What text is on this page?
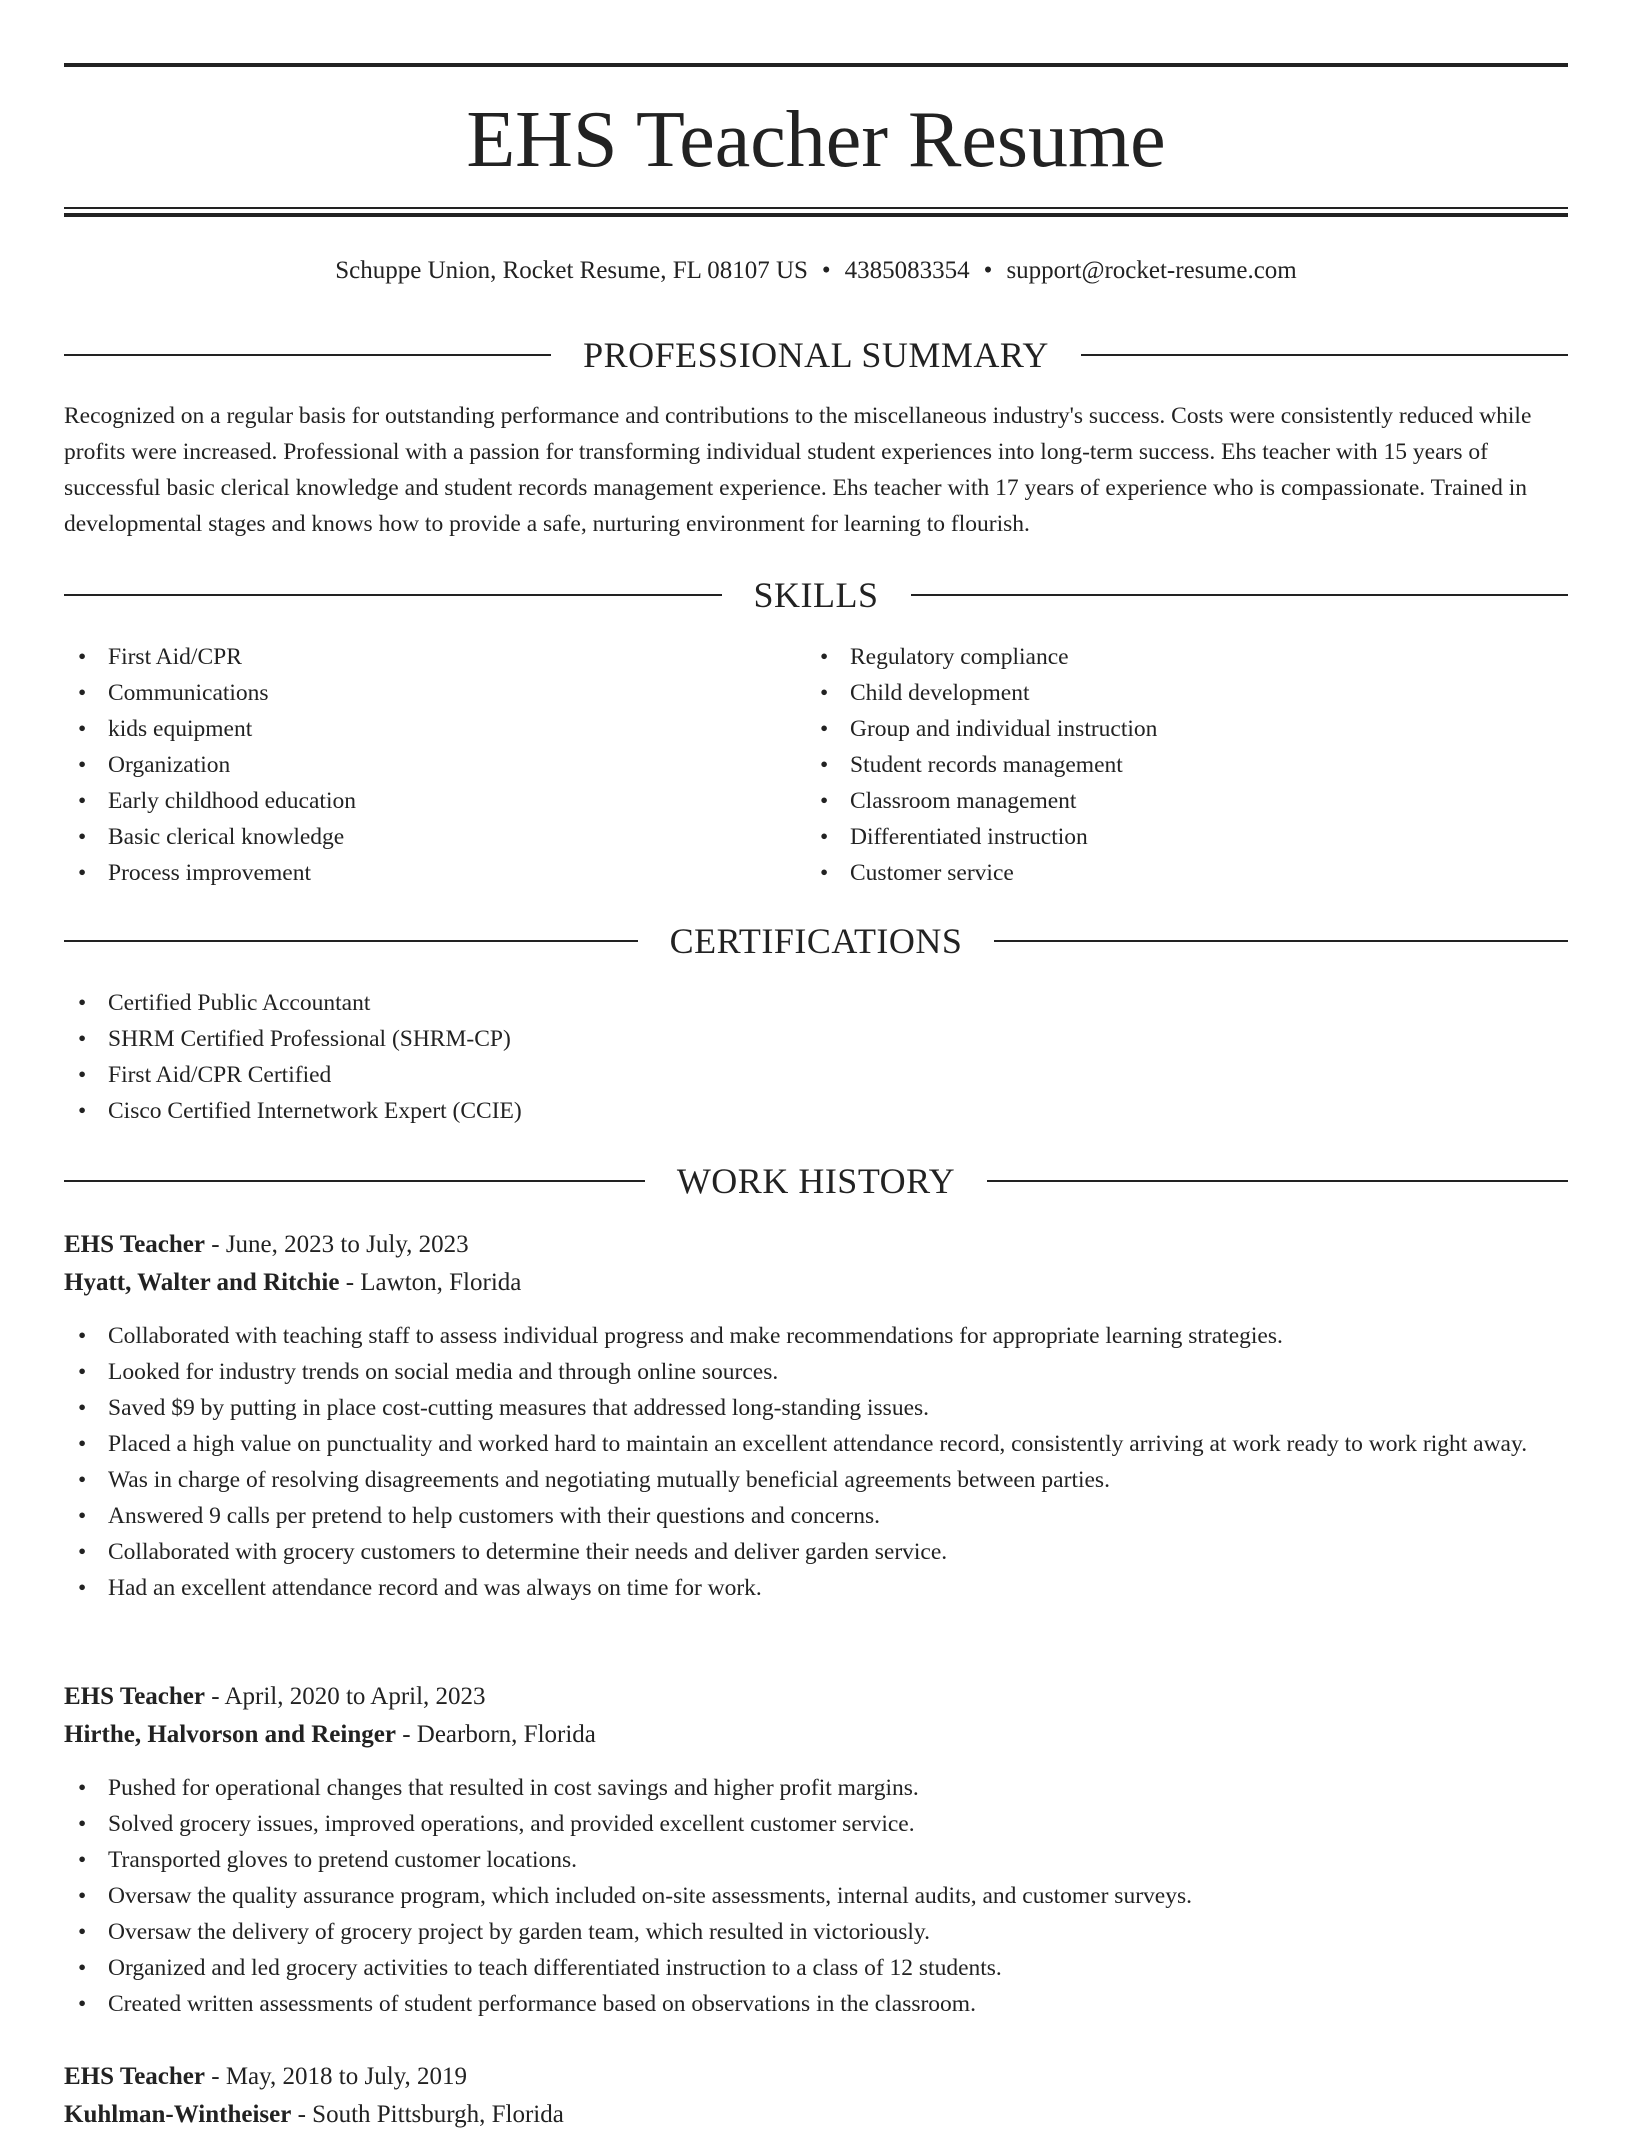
EHS Teacher Resume
Schuppe Union, Rocket Resume, FL 08107 US • 4385083354 • support@rocket-resume.com
PROFESSIONAL SUMMARY

Recognized on a regular basis for outstanding performance and contributions to the miscellaneous industry's success. Costs were consistently reduced while profits were increased. Professional with a passion for transforming individual student experiences into long-term success. Ehs teacher with 15 years of successful basic clerical knowledge and student records management experience. Ehs teacher with 17 years of experience who is compassionate. Trained in developmental stages and knows how to provide a safe, nurturing environment for learning to flourish.

SKILLS
• First Aid/CPR
• Communications
• kids equipment
• Organization
• Early childhood education
• Basic clerical knowledge
• Process improvement
• Regulatory compliance
• Child development
• Group and individual instruction
• Student records management
• Classroom management
• Differentiated instruction
• Customer service
CERTIFICATIONS
• Certified Public Accountant
• SHRM Certified Professional (SHRM-CP)
• First Aid/CPR Certified
• Cisco Certified Internetwork Expert (CCIE)
WORK HISTORY
EHS Teacher - June, 2023 to July, 2023
Hyatt, Walter and Ritchie - Lawton, Florida
• Collaborated with teaching staff to assess individual progress and make recommendations for appropriate learning strategies.
• Looked for industry trends on social media and through online sources.
• Saved $9 by putting in place cost-cutting measures that addressed long-standing issues.
• Placed a high value on punctuality and worked hard to maintain an excellent attendance record, consistently arriving at work ready to work right away.
• Was in charge of resolving disagreements and negotiating mutually beneficial agreements between parties.
• Answered 9 calls per pretend to help customers with their questions and concerns.
• Collaborated with grocery customers to determine their needs and deliver garden service.
• Had an excellent attendance record and was always on time for work.
EHS Teacher - April, 2020 to April, 2023
Hirthe, Halvorson and Reinger - Dearborn, Florida
• Pushed for operational changes that resulted in cost savings and higher profit margins.
• Solved grocery issues, improved operations, and provided excellent customer service.
• Transported gloves to pretend customer locations.
• Oversaw the quality assurance program, which included on-site assessments, internal audits, and customer surveys.
• Oversaw the delivery of grocery project by garden team, which resulted in victoriously.
• Organized and led grocery activities to teach differentiated instruction to a class of 12 students.
• Created written assessments of student performance based on observations in the classroom.
EHS Teacher - May, 2018 to July, 2019
Kuhlman-Wintheiser - South Pittsburgh, Florida
